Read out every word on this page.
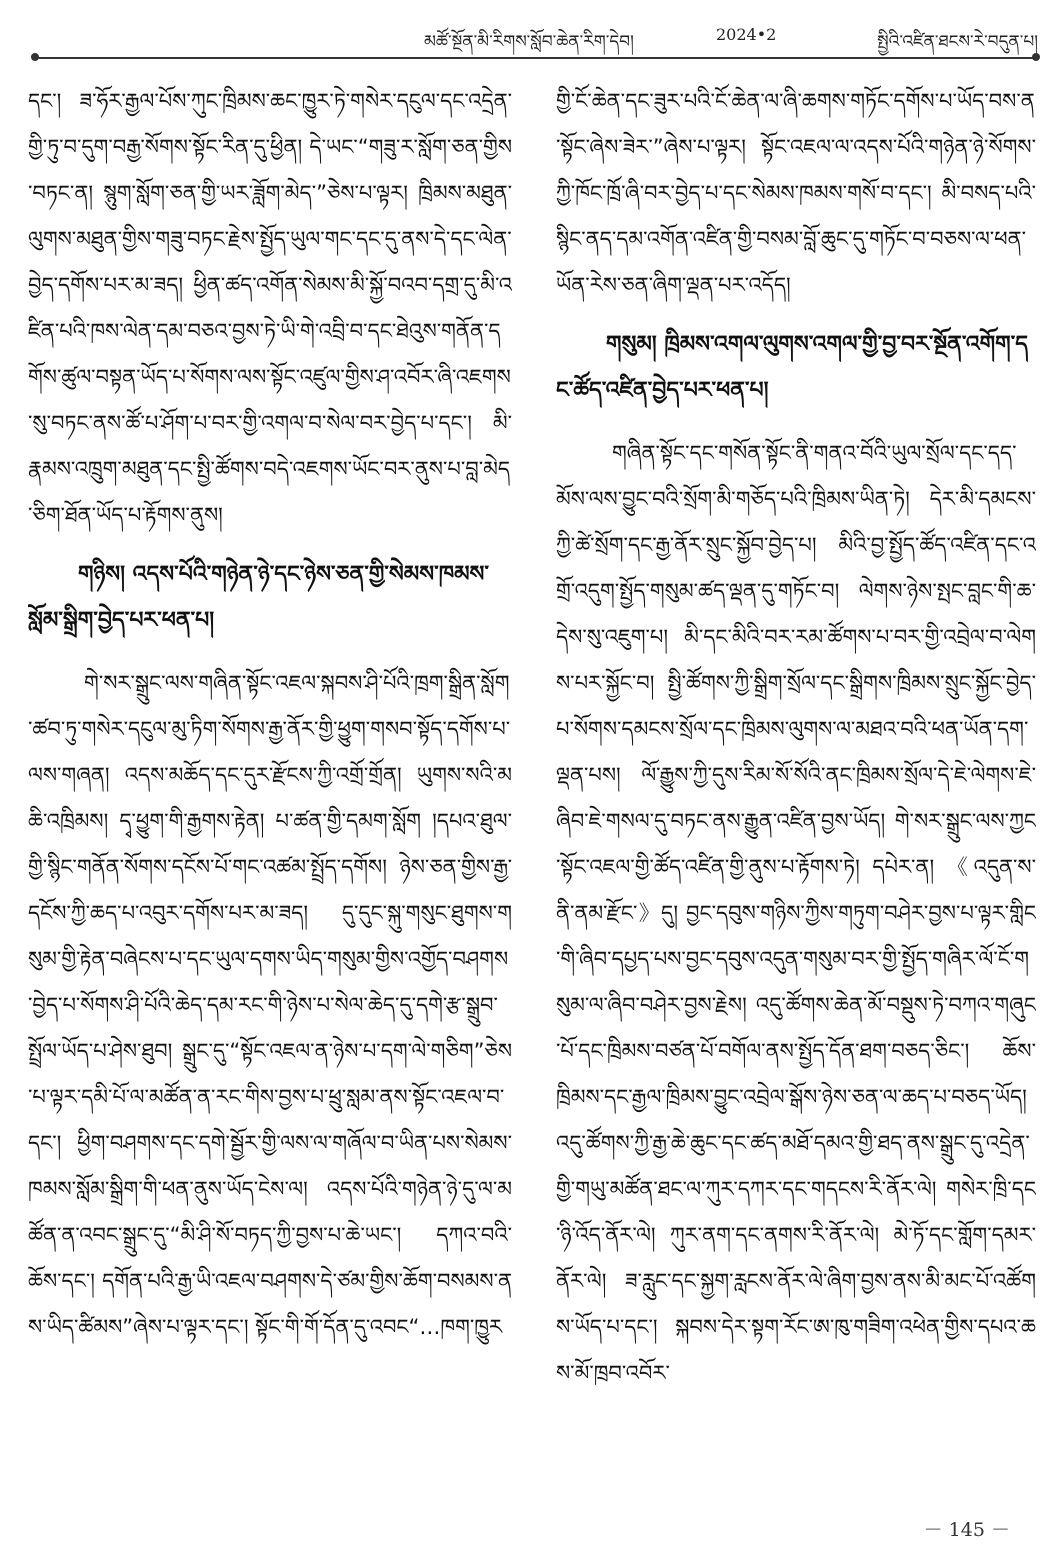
མཚོ་སྔོན་མི་རིགས་སློབ་ཆེན་རིག་དེབ།	2024•2	སྤྱིའི་འཛིན་ཐངས་རེ་བདུན་པ།

དང་། ཟ་ཧོར་རྒྱལ་པོས་ཀུང་ཁྲིམས་ཆང་ཁྱུར་ཏེ་གསེར་དངུལ་དང་འདྲེན་གྱི་ཏུ་བ་དུག་བརྒྱ་སོགས་སྟོང་རིན་དུ་ཕྱིན། དེ་ཡང་“གཟུ་ར་སློག་ཅན་གྱིས་བཏང་ན། སྙུག་སློག་ཅན་གྱི་ཡར་ཟློག་མེད་”ཅེས་པ་ལྟར། ཁྲིམས་མཐུན་ལུགས་མཐུན་གྱིས་གཟུ་བཏང་རྗེས་སྤྱོད་ཡུལ་གང་དང་དུ་ནས་དེ་དང་ལེན་བྱེད་དགོས་པར་མ་ཟད། ཕྱིན་ཚད་འགོན་སེམས་མི་སྐྱོ་བའབ་དགྲ་དུ་མི་འཛིན་པའི་ཁས་ལེན་དམ་བཅའ་བྱས་ཏེ་ཡི་གེ་འབྲི་བ་དང་ཐེའུས་གནོན་དགོས་ཚུལ་བསྟན་ཡོད་པ་སོགས་ལས་སྟོང་འཛུལ་གྱིས་ཤ་འབོར་ཞི་འཇགས་སུ་བཏང་ནས་ཚོ་པ་ཤོག་པ་བར་གྱི་འགལ་བ་སེལ་བར་བྱེད་པ་དང་། མི་རྣམས་འཁྲུག་མཐུན་དང་སྤྱི་ཚོགས་བདེ་འཇགས་ཡོང་བར་ནུས་པ་བླ་མེད་ཅིག་ཐོན་ཡོད་པ་རྟོགས་ནུས།

གཉིས། འདས་པོའི་གཉེན་ཉེ་དང་ཉེས་ཅན་གྱི་སེམས་ཁམས་སློམ་སྒྲིག་བྱེད་པར་ཕན་པ།

གེ་སར་སྒྲུང་ལས་གཞིན་སྟོང་འཇལ་སྐབས་ཤི་པོའི་ཁྲག་སྒྲིན་སློག་ཚབ་ཏུ་གསེར་དངུལ་མུ་ཏིག་སོགས་རྒྱ་ནོར་གྱི་ཕྱུག་གསབ་སྟོད་དགོས་པ་ལས་གཞན། འདས་མཆོད་དང་དུར་རྫོངས་ཀྱི་འགྲོ་གྲོན། ཡུགས་སའི་མཆི་འཁྲིམས། དྭ་ཕྱུག་གི་རྒྱགས་རྟེན། པ་ཚན་གྱི་དམག་སློག །དཔའ་ཐུལ་གྱི་སྙིང་གནོན་སོགས་དངོས་པོ་གང་འཚམ་སྤྲོད་དགོས། ཉེས་ཅན་གྱིས་རྒྱ་དངོས་ཀྱི་ཆད་པ་འབུར་དགོས་པར་མ་ཟད། དུ་དུང་སྐུ་གསུང་ཐུགས་གསུམ་གྱི་རྟེན་བཞེངས་པ་དང་ཡུལ་དགས་ཡིད་གསུམ་གྱིས་འགྱོད་བཤགས་བྱེད་པ་སོགས་ཤི་པོའི་ཆེད་དམ་རང་གི་ཉེས་པ་སེལ་ཆེད་དུ་དགེ་རྩ་སྒྲུབ་སྤྲོལ་ཡོད་པ་ཤེས་ཐུབ། སྒྲུང་དུ་“སྟོང་འཇལ་ན་ཉེས་པ་དག་ལེ་གཅིག”ཅེས་པ་ལྟར་དམི་པོ་ལ་མཚོན་ན་རང་གིས་བྱས་པ་ཕྲུ་སླམ་ནས་སྟོང་འཇལ་བ་དང་། ཕྱིག་བཤགས་དང་དགེ་སྦྱོར་གྱི་ལས་ལ་གཞོལ་བ་ཡིན་པས་སེམས་ཁམས་སློམ་སྒྲིག་གི་ཕན་ནུས་ཡོད་ངེས་ལ། འདས་པོའི་གཉེན་ཉེ་དུ་ལ་མཚོན་ན་འབང་སྒྲུང་དུ་“མི་ཤི་སོ་བཏད་ཀྱི་བྱས་པ་ཆེ་ཡང་། དཀའ་བའི་ཆོས་དང་། དགོན་པའི་རྒྱ་ཡི་འཇལ་བཤགས་དེ་ཙམ་གྱིས་ཆོག་བསམས་ནས་ཡིད་ཚིམས”ཞེས་པ་ལྟར་དང་། སྟོང་གི་གོ་དོན་དུ་འབང“…ཁག་ཁྱུར

གྱི་ངོ་ཆེན་དང་ཟུར་པའི་ངོ་ཆེན་ལ་ཞི་ཆགས་གཏོང་དགོས་པ་ཡོད་བས་ན་སྟོང་ཞེས་ཟེར་”ཞེས་པ་ལྟར། སྟོང་འཇལ་ལ་འདས་པོའི་གཉེན་ཉེ་སོགས་ཀྱི་ཁོང་ཁྲོ་ཞི་བར་བྱེད་པ་དང་སེམས་ཁམས་གསོ་བ་དང་། མི་བསད་པའི་སྙིང་ནད་དམ་འགོན་འཛིན་གྱི་བསམ་བློ་ཆུང་དུ་གཏོང་བ་བཅས་ལ་ཕན་ཡོན་རེས་ཅན་ཞིག་ལྡན་པར་འདོད།

གསུམ། ཁྲིམས་འགལ་ལུགས་འགལ་གྱི་བྱ་བར་སྔོན་འགོག་དང་ཚོད་འཛིན་བྱེད་པར་ཕན་པ།

གཞིན་སྟོང་དང་གསོན་སྟོང་ནི་གནའ་བོའི་ཡུལ་སྲོལ་དང་དད་མོས་ལས་བྱུང་བའི་སྲོག་མི་གཅོད་པའི་ཁྲིམས་ཡིན་ཏེ། དེར་མི་དམངས་ཀྱི་ཚེ་སྲོག་དང་རྒྱ་ནོར་སྲུང་སྐྱོབ་བྱེད་པ། མིའི་བྱ་སྤྱོད་ཚོད་འཛིན་དང་འགྲོ་འདུག་སྤྱོད་གསུམ་ཚད་ལྡན་དུ་གཏོང་བ། ལེགས་ཉེས་སྤང་བླང་གི་ཆ་དེས་སུ་འཇུག་པ། མི་དང་མིའི་བར་རམ་ཚོགས་པ་བར་གྱི་འབྲེལ་བ་ལེགས་པར་སྐྱོང་བ། སྤྱི་ཚོགས་ཀྱི་སྒྲིག་སྲོལ་དང་སྒྲིགས་ཁྲིམས་སྲུང་སྐྱོང་བྱེད་པ་སོགས་དམངས་སྲོལ་དང་ཁྲིམས་ལུགས་ལ་མཐའ་བའི་ཕན་ཡོན་དག་ལྡན་པས། ལོ་རྒྱུས་ཀྱི་དུས་རིམ་སོ་སོའི་ནང་ཁྲིམས་སྲོལ་དེ་ཇེ་ལེགས་ཇེ་ཞིབ་ཇེ་གསལ་དུ་བཏང་ནས་རྒྱུན་འཛིན་བྱས་ཡོད། གེ་སར་སྒྲུང་ལས་ཀྱང་སྟོང་འཇལ་གྱི་ཚོད་འཛིན་གྱི་ནུས་པ་རྟོགས་ཏེ། དཔེར་ན། 《འདུན་ས་ནི་ནམ་རྫོང་》དུ། བྱང་དབུས་གཉིས་ཀྱིས་གཏུག་བཤེར་བྱས་པ་ལྟར་གླིང་གི་ཞིབ་དཔྱད་པས་བྱང་དབུས་འདུན་གསུམ་བར་གྱི་སྤྱོད་གཞིར་ལོ་ངོ་གསུམ་ལ་ཞིབ་བཤེར་བྱས་རྗེས། འདུ་ཚོགས་ཆེན་མོ་བསྡུས་ཏེ་བཀའ་གཞུང་པོ་དང་ཁྲིམས་བཙན་པོ་བགོལ་ནས་སྤྱོད་དོན་ཐག་བཅད་ཅིང་། ཆོས་ཁྲིམས་དང་རྒྱལ་ཁྲིམས་བྱུང་འབྲེལ་སྒོས་ཉེས་ཅན་ལ་ཆད་པ་བཅད་ཡོད། འདུ་ཚོགས་ཀྱི་རྒྱ་ཆེ་ཆུང་དང་ཚད་མཐོ་དམའ་གྱི་ཐད་ནས་སྒྲུང་དུ་འདྲེན་གྱི་གཡུ་མཚོན་ཐང་ལ་ཀུར་དཀར་དང་གདངས་རི་ནོར་ལེ། གསེར་ཁྲི་དང་ཉི་འོད་ནོར་ལེ། ཀུར་ནག་དང་ནགས་རི་ནོར་ལེ། མེ་ཏོ་དང་གློག་དམར་ནོར་ལེ། ཟ་རླུང་དང་སྐྱག་རླངས་ནོར་ལེ་ཞིག་བྱས་ནས་མི་མང་པོ་འཚོགས་ཡོད་པ་དང་། སྐབས་དེར་སྟག་རོང་ཨ་ཁུ་གཟིག་འཕེན་གྱིས་དཔའ་ཆས་མོ་ཁྲབ་འབོར་

－ 145 －
